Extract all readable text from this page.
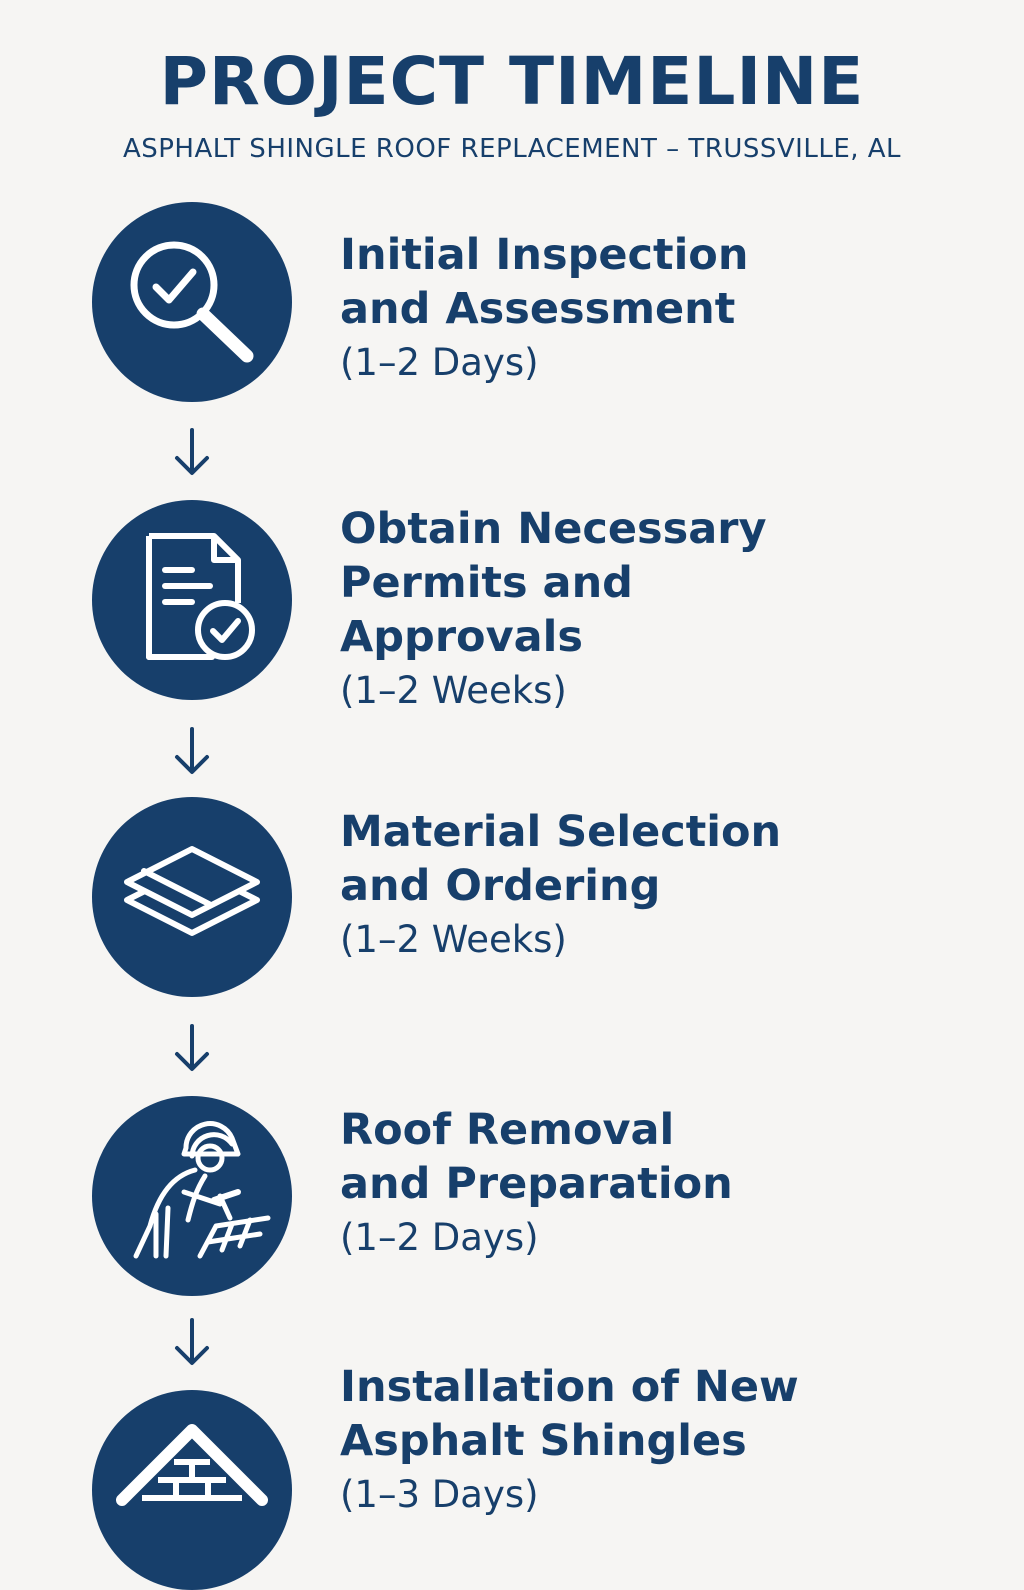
PROJECT TIMELINE
ASPHALT SHINGLE ROOF REPLACEMENT – TRUSSVILLE, AL
Initial Inspection
and Assessment
(1–2 Days)
Obtain Necessary
Permits and
Approvals
(1–2 Weeks)
Material Selection
and Ordering
(1–2 Weeks)
Roof Removal
and Preparation
(1–2 Days)
Installation of New
Asphalt Shingles
(1–3 Days)
